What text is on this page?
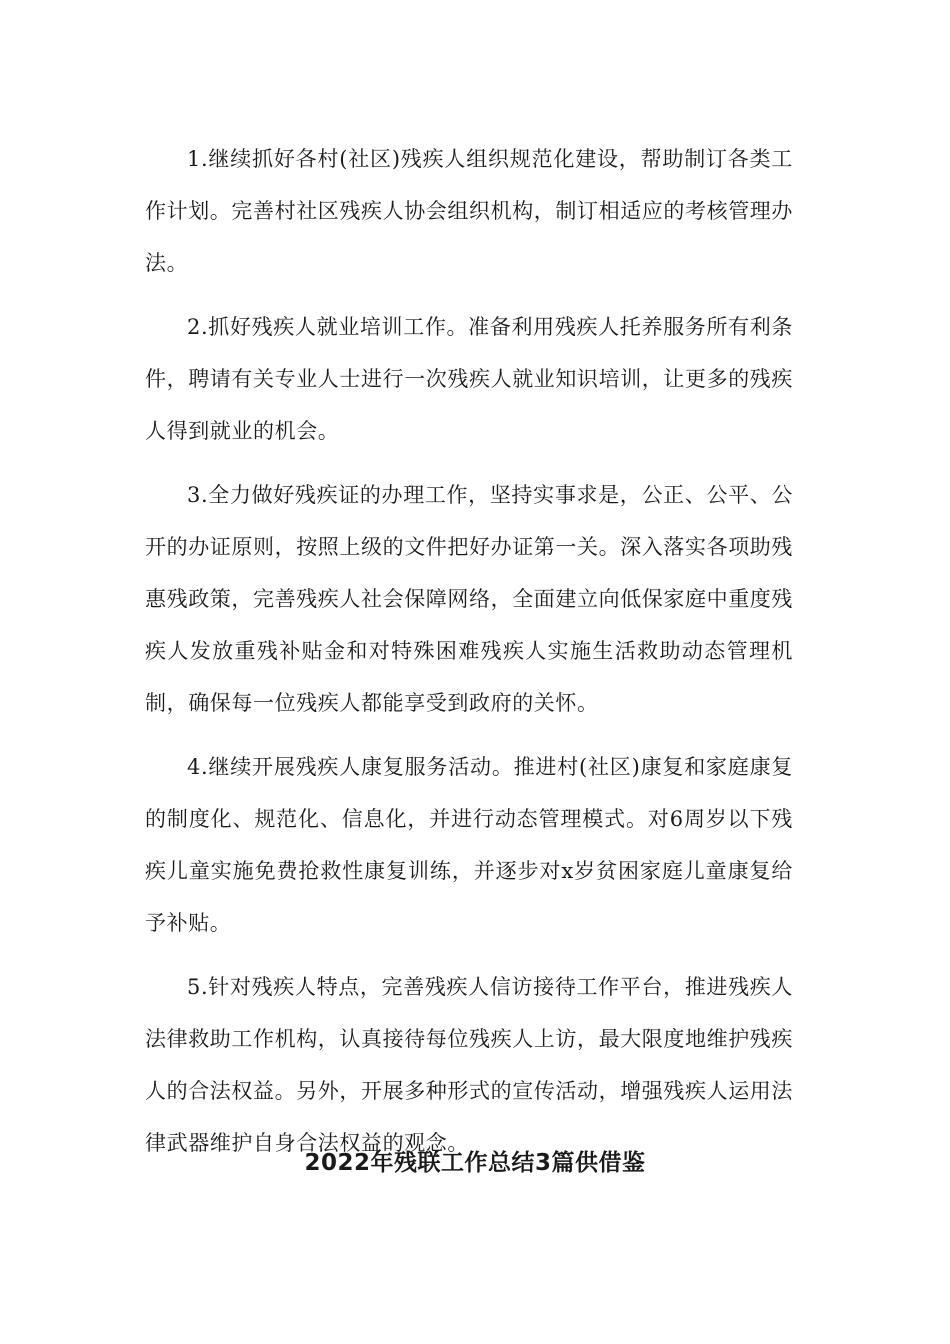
1.继续抓好各村(社区)残疾人组织规范化建设，帮助制订各类工作计划。完善村社区残疾人协会组织机构，制订相适应的考核管理办法。

2.抓好残疾人就业培训工作。准备利用残疾人托养服务所有利条件，聘请有关专业人士进行一次残疾人就业知识培训，让更多的残疾人得到就业的机会。

3.全力做好残疾证的办理工作，坚持实事求是，公正、公平、公开的办证原则，按照上级的文件把好办证第一关。深入落实各项助残惠残政策，完善残疾人社会保障网络，全面建立向低保家庭中重度残疾人发放重残补贴金和对特殊困难残疾人实施生活救助动态管理机制，确保每一位残疾人都能享受到政府的关怀。

4.继续开展残疾人康复服务活动。推进村(社区)康复和家庭康复的制度化、规范化、信息化，并进行动态管理模式。对6周岁以下残疾儿童实施免费抢救性康复训练，并逐步对x岁贫困家庭儿童康复给予补贴。

5.针对残疾人特点，完善残疾人信访接待工作平台，推进残疾人法律救助工作机构，认真接待每位残疾人上访，最大限度地维护残疾人的合法权益。另外，开展多种形式的宣传活动，增强残疾人运用法律武器维护自身合法权益的观念。

2022年残联工作总结3篇供借鉴
